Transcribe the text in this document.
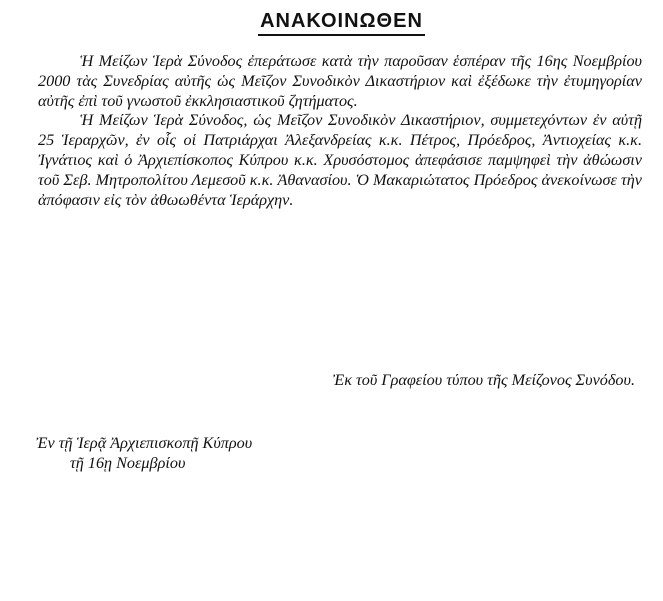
ΑΝΑΚΟΙΝΩΘΕΝ

Ἡ Μείζων Ἱερὰ Σύνοδος ἐπεράτωσε κατὰ τὴν παροῦσαν ἑσπέραν τῆς 16ης Νοεμβρίου 2000 τὰς Συνεδρίας αὐτῆς ὡς Μεῖζον Συνοδικὸν Δικαστήριον καὶ ἐξέδωκε τὴν ἐτυμηγορίαν αὐτῆς ἐπὶ τοῦ γνωστοῦ ἐκκλησιαστικοῦ ζητήματος.

Ἡ Μείζων Ἱερὰ Σύνοδος, ὡς Μεῖζον Συνοδικὸν Δικαστήριον, συμμετεχόντων ἐν αὐτῇ 25 Ἱεραρχῶν, ἐν οἷς οἱ Πατριάρχαι Ἀλεξανδρείας κ.κ. Πέτρος, Πρόεδρος, Ἀντιοχείας κ.κ. Ἰγνάτιος καὶ ὁ Ἀρχιεπίσκοπος Κύπρου κ.κ. Χρυσόστομος ἀπεφάσισε παμψηφεὶ τὴν ἀθώωσιν τοῦ Σεβ. Μητροπολίτου Λεμεσοῦ κ.κ. Ἀθανασίου. Ὁ Μακαριώτατος Πρόεδρος ἀνεκοίνωσε τὴν ἀπόφασιν εἰς τὸν ἀθωωθέντα Ἱεράρχην.

Ἐκ τοῦ Γραφείου τύπου τῆς Μείζονος Συνόδου.
Ἐν τῇ Ἱερᾷ Ἀρχιεπισκοπῇ Κύπρου
τῇ 16ῃ Νοεμβρίου
